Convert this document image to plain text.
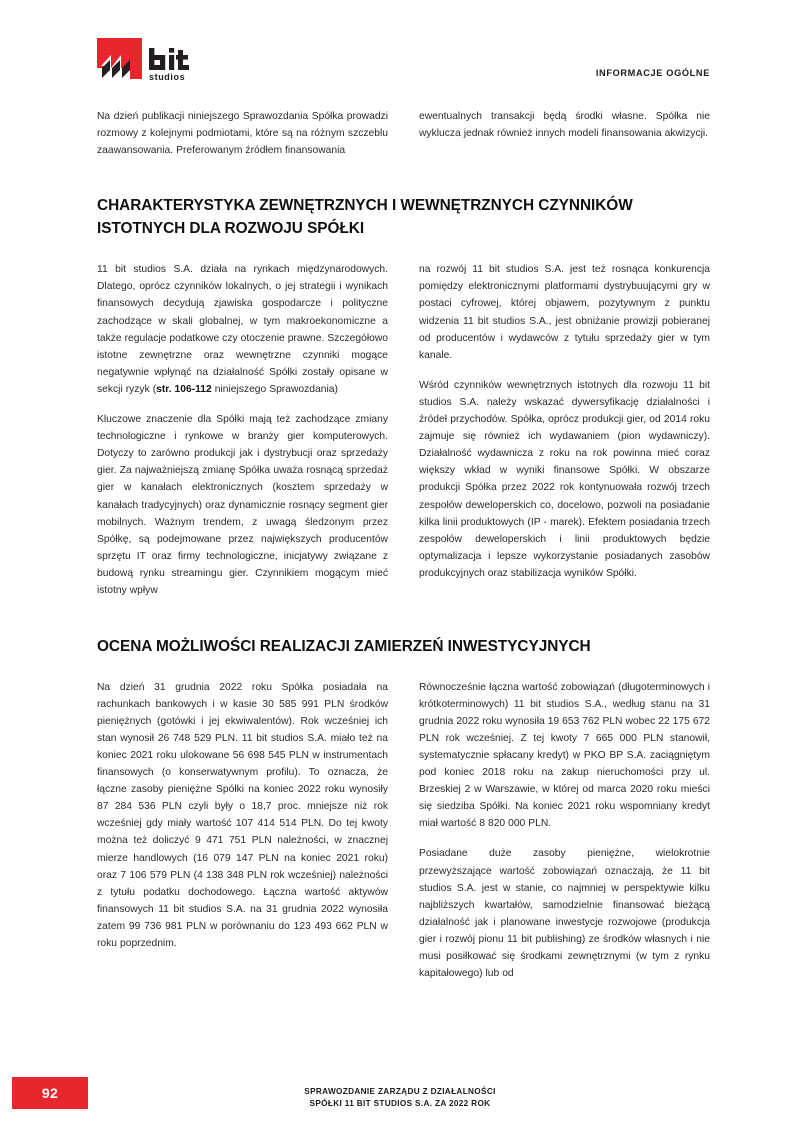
studios	INFORMACJE OGÓLNE

Na dzień publikacji niniejszego Sprawozdania Spółka prowadzi rozmowy z kolejnymi podmiotami, które są na różnym szczeblu zaawansowania. Preferowanym źródłem finansowania

ewentualnych transakcji będą środki własne. Spółka nie wyklucza jednak również innych modeli finansowania akwizycji.

CHARAKTERYSTYKA ZEWNĘTRZNYCH I WEWNĘTRZNYCH CZYNNIKÓW ISTOTNYCH DLA ROZWOJU SPÓŁKI

11 bit studios S.A. działa na rynkach międzynarodowych. Dlatego, oprócz czynników lokalnych, o jej strategii i wynikach finansowych decydują zjawiska gospodarcze i polityczne zachodzące w skali globalnej, w tym makroekonomiczne a także regulacje podatkowe czy otoczenie prawne. Szczegółowo istotne zewnętrzne oraz wewnętrzne czynniki mogące negatywnie wpłynąć na działalność Spółki zostały opisane w sekcji ryzyk (str. 106-112 niniejszego Sprawozdania)

Kluczowe znaczenie dla Spółki mają też zachodzące zmiany technologiczne i rynkowe w branży gier komputerowych. Dotyczy to zarówno produkcji jak i dystrybucji oraz sprzedaży gier. Za najważniejszą zmianę Spółka uważa rosnącą sprzedaż gier w kanałach elektronicznych (kosztem sprzedaży w kanałach tradycyjnych) oraz dynamicznie rosnący segment gier mobilnych. Ważnym trendem, z uwagą śledzonym przez Spółkę, są podejmowane przez największych producentów sprzętu IT oraz firmy technologiczne, inicjatywy związane z budową rynku streamingu gier. Czynnikiem mogącym mieć istotny wpływ

na rozwój 11 bit studios S.A. jest też rosnąca konkurencja pomiędzy elektronicznymi platformami dystrybuującymi gry w postaci cyfrowej, której objawem, pozytywnym z punktu widzenia 11 bit studios S.A., jest obniżanie prowizji pobieranej od producentów i wydawców z tytułu sprzedaży gier w tym kanale.

Wśród czynników wewnętrznych istotnych dla rozwoju 11 bit studios S.A. należy wskazać dywersyfikację działalności i źródeł przychodów. Spółka, oprócz produkcji gier, od 2014 roku zajmuje się również ich wydawaniem (pion wydawniczy). Działalność wydawnicza z roku na rok powinna mieć coraz większy wkład w wyniki finansowe Spółki. W obszarze produkcji Spółka przez 2022 rok kontynuowała rozwój trzech zespołów deweloperskich co, docelowo, pozwoli na posiadanie kilka linii produktowych (IP - marek). Efektem posiadania trzech zespołów deweloperskich i linii produktowych będzie optymalizacja i lepsze wykorzystanie posiadanych zasobów produkcyjnych oraz stabilizacja wyników Spółki.

OCENA MOŻLIWOŚCI REALIZACJI ZAMIERZEŃ INWESTYCYJNYCH

Na dzień 31 grudnia 2022 roku Spółka posiadała na rachunkach bankowych i w kasie 30 585 991 PLN środków pieniężnych (gotówki i jej ekwiwalentów). Rok wcześniej ich stan wynosił 26 748 529 PLN. 11 bit studios S.A. miało też na koniec 2021 roku ulokowane 56 698 545 PLN w instrumentach finansowych (o konserwatywnym profilu). To oznacza, że łączne zasoby pieniężne Spółki na koniec 2022 roku wynosiły 87 284 536 PLN czyli były o 18,7 proc. mniejsze niż rok wcześniej gdy miały wartość 107 414 514 PLN. Do tej kwoty można też doliczyć 9 471 751 PLN należności, w znacznej mierze handlowych (16 079 147 PLN na koniec 2021 roku) oraz 7 106 579 PLN (4 138 348 PLN rok wcześniej) należności z tytułu podatku dochodowego. Łączna wartość aktywów finansowych 11 bit studios S.A. na 31 grudnia 2022 wynosiła zatem 99 736 981 PLN w porównaniu do 123 493 662 PLN w roku poprzednim.

Równocześnie łączna wartość zobowiązań (długoterminowych i krótkoterminowych) 11 bit studios S.A., według stanu na 31 grudnia 2022 roku wynosiła 19 653 762 PLN wobec 22 175 672 PLN rok wcześniej. Z tej kwoty 7 665 000 PLN stanowił, systematycznie spłacany kredyt) w PKO BP S.A. zaciągniętym pod koniec 2018 roku na zakup nieruchomości przy ul. Brzeskiej 2 w Warszawie, w której od marca 2020 roku mieści się siedziba Spółki. Na koniec 2021 roku wspomniany kredyt miał wartość 8 820 000 PLN.

Posiadane duże zasoby pieniężne, wielokrotnie przewyższające wartość zobowiązań oznaczają, że 11 bit studios S.A. jest w stanie, co najmniej w perspektywie kilku najbliższych kwartałów, samodzielnie finansować bieżącą działalność jak i planowane inwestycje rozwojowe (produkcja gier i rozwój pionu 11 bit publishing) ze środków własnych i nie musi posiłkować się środkami zewnętrznymi (w tym z rynku kapitałowego) lub od

92	SPRAWOZDANIE ZARZĄDU Z DZIAŁALNOŚCI
SPÓŁKI 11 BIT STUDIOS S.A. ZA 2022 ROK
